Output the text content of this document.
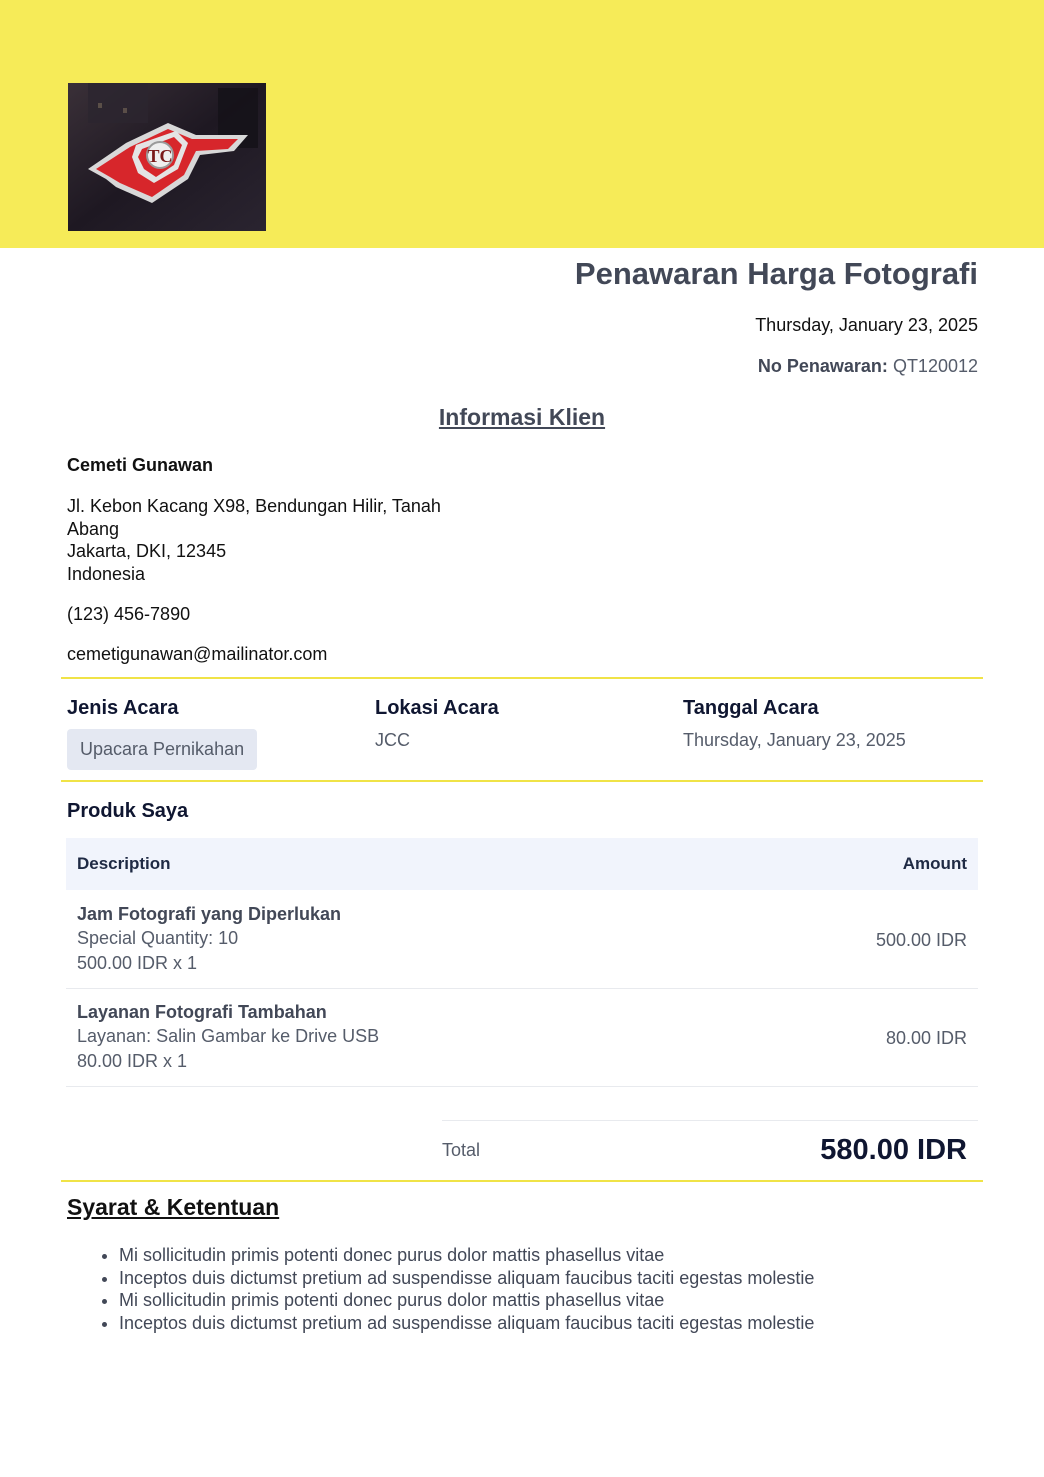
TC
Penawaran Harga Fotografi
Thursday, January 23, 2025
No Penawaran: QT120012
Informasi Klien
Cemeti Gunawan
Jl. Kebon Kacang X98, Bendungan Hilir, Tanah Abang
Jakarta, DKI, 12345
Indonesia
(123) 456-7890
cemetigunawan@mailinator.com
Jenis Acara
Upacara Pernikahan
Lokasi Acara
JCC
Tanggal Acara
Thursday, January 23, 2025
Produk Saya
Description	Amount
Jam Fotografi yang Diperlukan
Special Quantity: 10
500.00 IDR x 1
500.00 IDR
Layanan Fotografi Tambahan
Layanan: Salin Gambar ke Drive USB
80.00 IDR x 1
80.00 IDR
Total	580.00 IDR
Syarat & Ketentuan
• Mi sollicitudin primis potenti donec purus dolor mattis phasellus vitae
• Inceptos duis dictumst pretium ad suspendisse aliquam faucibus taciti egestas molestie
• Mi sollicitudin primis potenti donec purus dolor mattis phasellus vitae
• Inceptos duis dictumst pretium ad suspendisse aliquam faucibus taciti egestas molestie
